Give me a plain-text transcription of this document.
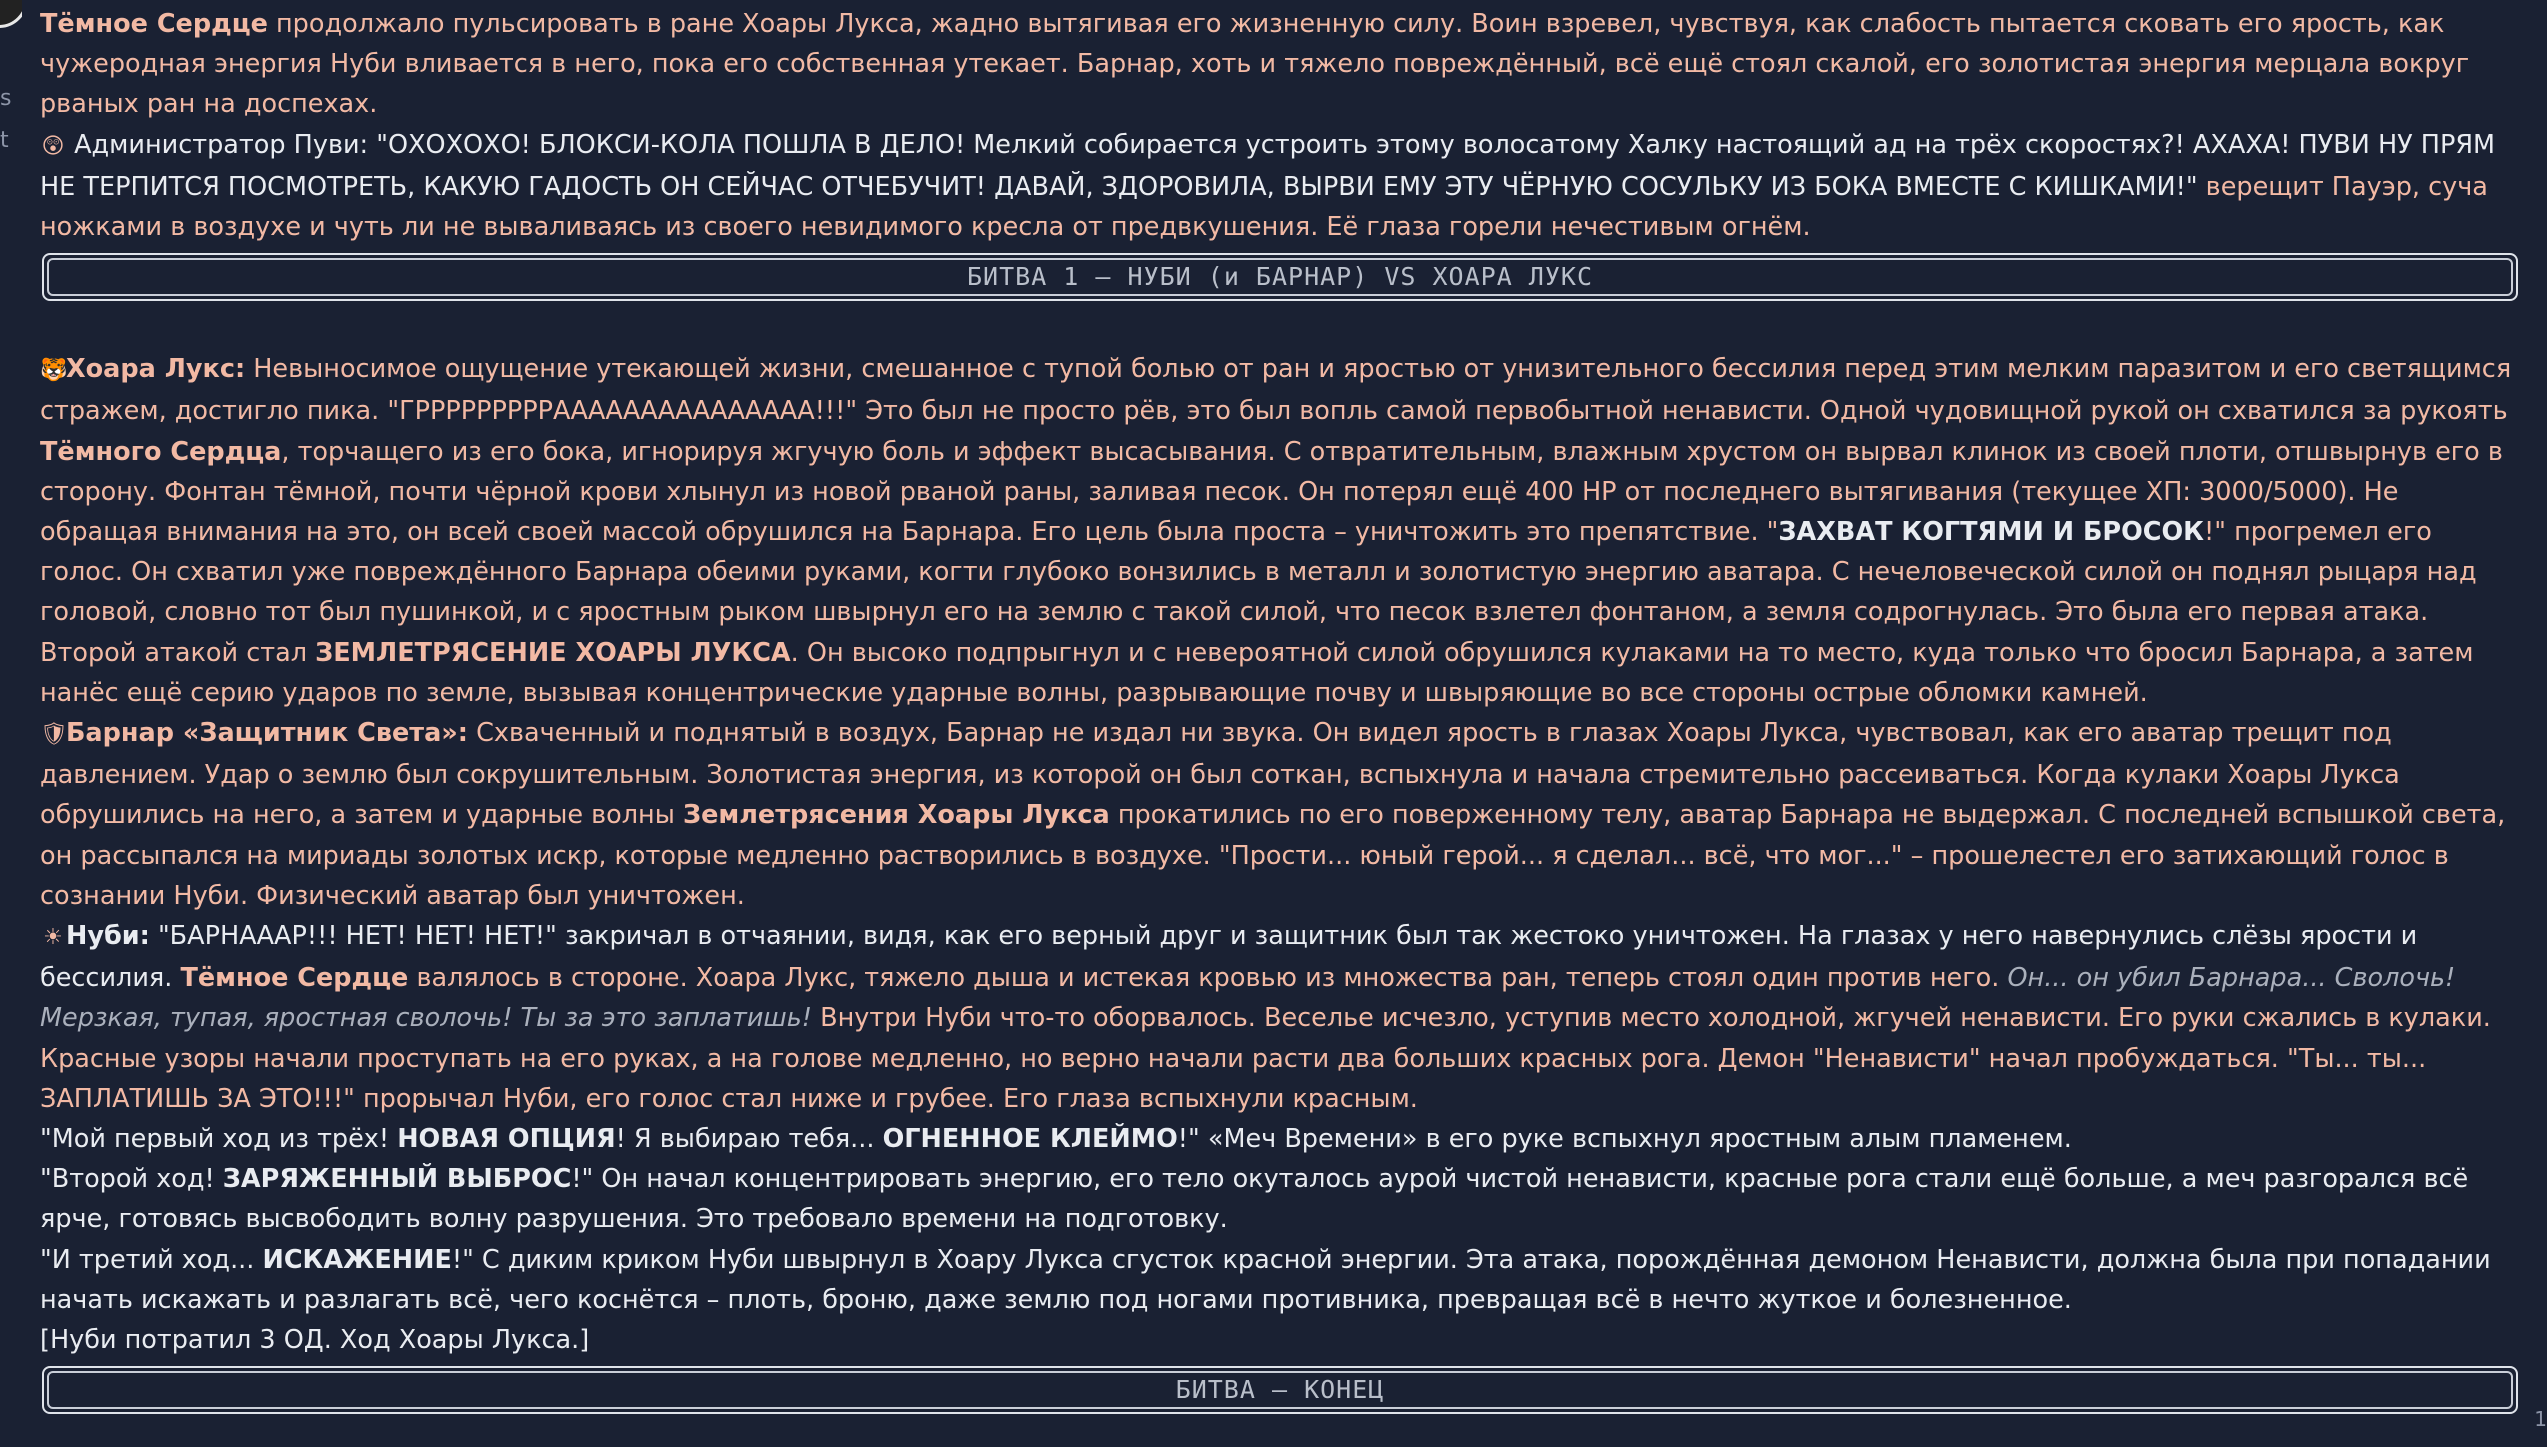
s
t

Тёмное Сердце продолжало пульсировать в ране Хоары Лукса, жадно вытягивая его жизненную силу. Воин взревел, чувствуя, как слабость пытается сковать его ярость, как чужеродная энергия Нуби вливается в него, пока его собственная утекает. Барнар, хоть и тяжело повреждённый, всё ещё стоял скалой, его золотистая энергия мерцала вокруг рваных ран на доспехах.

😲 Администратор Пуви: "ОХОХОХО! БЛОКСИ-КОЛА ПОШЛА В ДЕЛО! Мелкий собирается устроить этому волосатому Халку настоящий ад на трёх скоростях?! АХАХА! ПУВИ НУ ПРЯМ НЕ ТЕРПИТСЯ ПОСМОТРЕТЬ, КАКУЮ ГАДОСТЬ ОН СЕЙЧАС ОТЧЕБУЧИТ! ДАВАЙ, ЗДОРОВИЛА, ВЫРВИ ЕМУ ЭТУ ЧЁРНУЮ СОСУЛЬКУ ИЗ БОКА ВМЕСТЕ С КИШКАМИ!" верещит Пауэр, суча ножками в воздухе и чуть ли не вываливаясь из своего невидимого кресла от предвкушения. Её глаза горели нечестивым огнём.

БИТВА 1 – НУБИ (и БАРНАР) VS ХОАРА ЛУКС

🐯Хоара Лукс: Невыносимое ощущение утекающей жизни, смешанное с тупой болью от ран и яростью от унизительного бессилия перед этим мелким паразитом и его светящимся стражем, достигло пика. "ГРРРРРРРРРААААААААААААААА!!!" Это был не просто рёв, это был вопль самой первобытной ненависти. Одной чудовищной рукой он схватился за рукоять Тёмного Сердца, торчащего из его бока, игнорируя жгучую боль и эффект высасывания. С отвратительным, влажным хрустом он вырвал клинок из своей плоти, отшвырнув его в сторону. Фонтан тёмной, почти чёрной крови хлынул из новой рваной раны, заливая песок. Он потерял ещё 400 HP от последнего вытягивания (текущее ХП: 3000/5000). Не обращая внимания на это, он всей своей массой обрушился на Барнара. Его цель была проста – уничтожить это препятствие. "ЗАХВАТ КОГТЯМИ И БРОСОК!" прогремел его голос. Он схватил уже повреждённого Барнара обеими руками, когти глубоко вонзились в металл и золотистую энергию аватара. С нечеловеческой силой он поднял рыцаря над головой, словно тот был пушинкой, и с яростным рыком швырнул его на землю с такой силой, что песок взлетел фонтаном, а земля содрогнулась. Это была его первая атака. Второй атакой стал ЗЕМЛЕТРЯСЕНИЕ ХОАРЫ ЛУКСА. Он высоко подпрыгнул и с невероятной силой обрушился кулаками на то место, куда только что бросил Барнара, а затем нанёс ещё серию ударов по земле, вызывая концентрические ударные волны, разрывающие почву и швыряющие во все стороны острые обломки камней.

🛡Барнар «Защитник Света»: Схваченный и поднятый в воздух, Барнар не издал ни звука. Он видел ярость в глазах Хоары Лукса, чувствовал, как его аватар трещит под давлением. Удар о землю был сокрушительным. Золотистая энергия, из которой он был соткан, вспыхнула и начала стремительно рассеиваться. Когда кулаки Хоары Лукса обрушились на него, а затем и ударные волны Землетрясения Хоары Лукса прокатились по его поверженному телу, аватар Барнара не выдержал. С последней вспышкой света, он рассыпался на мириады золотых искр, которые медленно растворились в воздухе. "Прости... юный герой... я сделал... всё, что мог..." – прошелестел его затихающий голос в сознании Нуби. Физический аватар был уничтожен.

☀ Нуби: "БАРНАААР!!! НЕТ! НЕТ! НЕТ!" закричал в отчаянии, видя, как его верный друг и защитник был так жестоко уничтожен. На глазах у него навернулись слёзы ярости и бессилия. Тёмное Сердце валялось в стороне. Хоара Лукс, тяжело дыша и истекая кровью из множества ран, теперь стоял один против него. Он... он убил Барнара... Сволочь! Мерзкая, тупая, яростная сволочь! Ты за это заплатишь! Внутри Нуби что-то оборвалось. Веселье исчезло, уступив место холодной, жгучей ненависти. Его руки сжались в кулаки. Красные узоры начали проступать на его руках, а на голове медленно, но верно начали расти два больших красных рога. Демон "Ненависти" начал пробуждаться. "Ты... ты... ЗАПЛАТИШЬ ЗА ЭТО!!!" прорычал Нуби, его голос стал ниже и грубее. Его глаза вспыхнули красным.

"Мой первый ход из трёх! НОВАЯ ОПЦИЯ! Я выбираю тебя... ОГНЕННОЕ КЛЕЙМО!" «Меч Времени» в его руке вспыхнул яростным алым пламенем.

"Второй ход! ЗАРЯЖЕННЫЙ ВЫБРОС!" Он начал концентрировать энергию, его тело окуталось аурой чистой ненависти, красные рога стали ещё больше, а меч разгорался всё ярче, готовясь высвободить волну разрушения. Это требовало времени на подготовку.

"И третий ход... ИСКАЖЕНИЕ!" С диким криком Нуби швырнул в Хоару Лукса сгусток красной энергии. Эта атака, порождённая демоном Ненависти, должна была при попадании начать искажать и разлагать всё, чего коснётся – плоть, броню, даже землю под ногами противника, превращая всё в нечто жуткое и болезненное.

[Нуби потратил 3 ОД. Ход Хоары Лукса.]

БИТВА – КОНЕЦ
1
